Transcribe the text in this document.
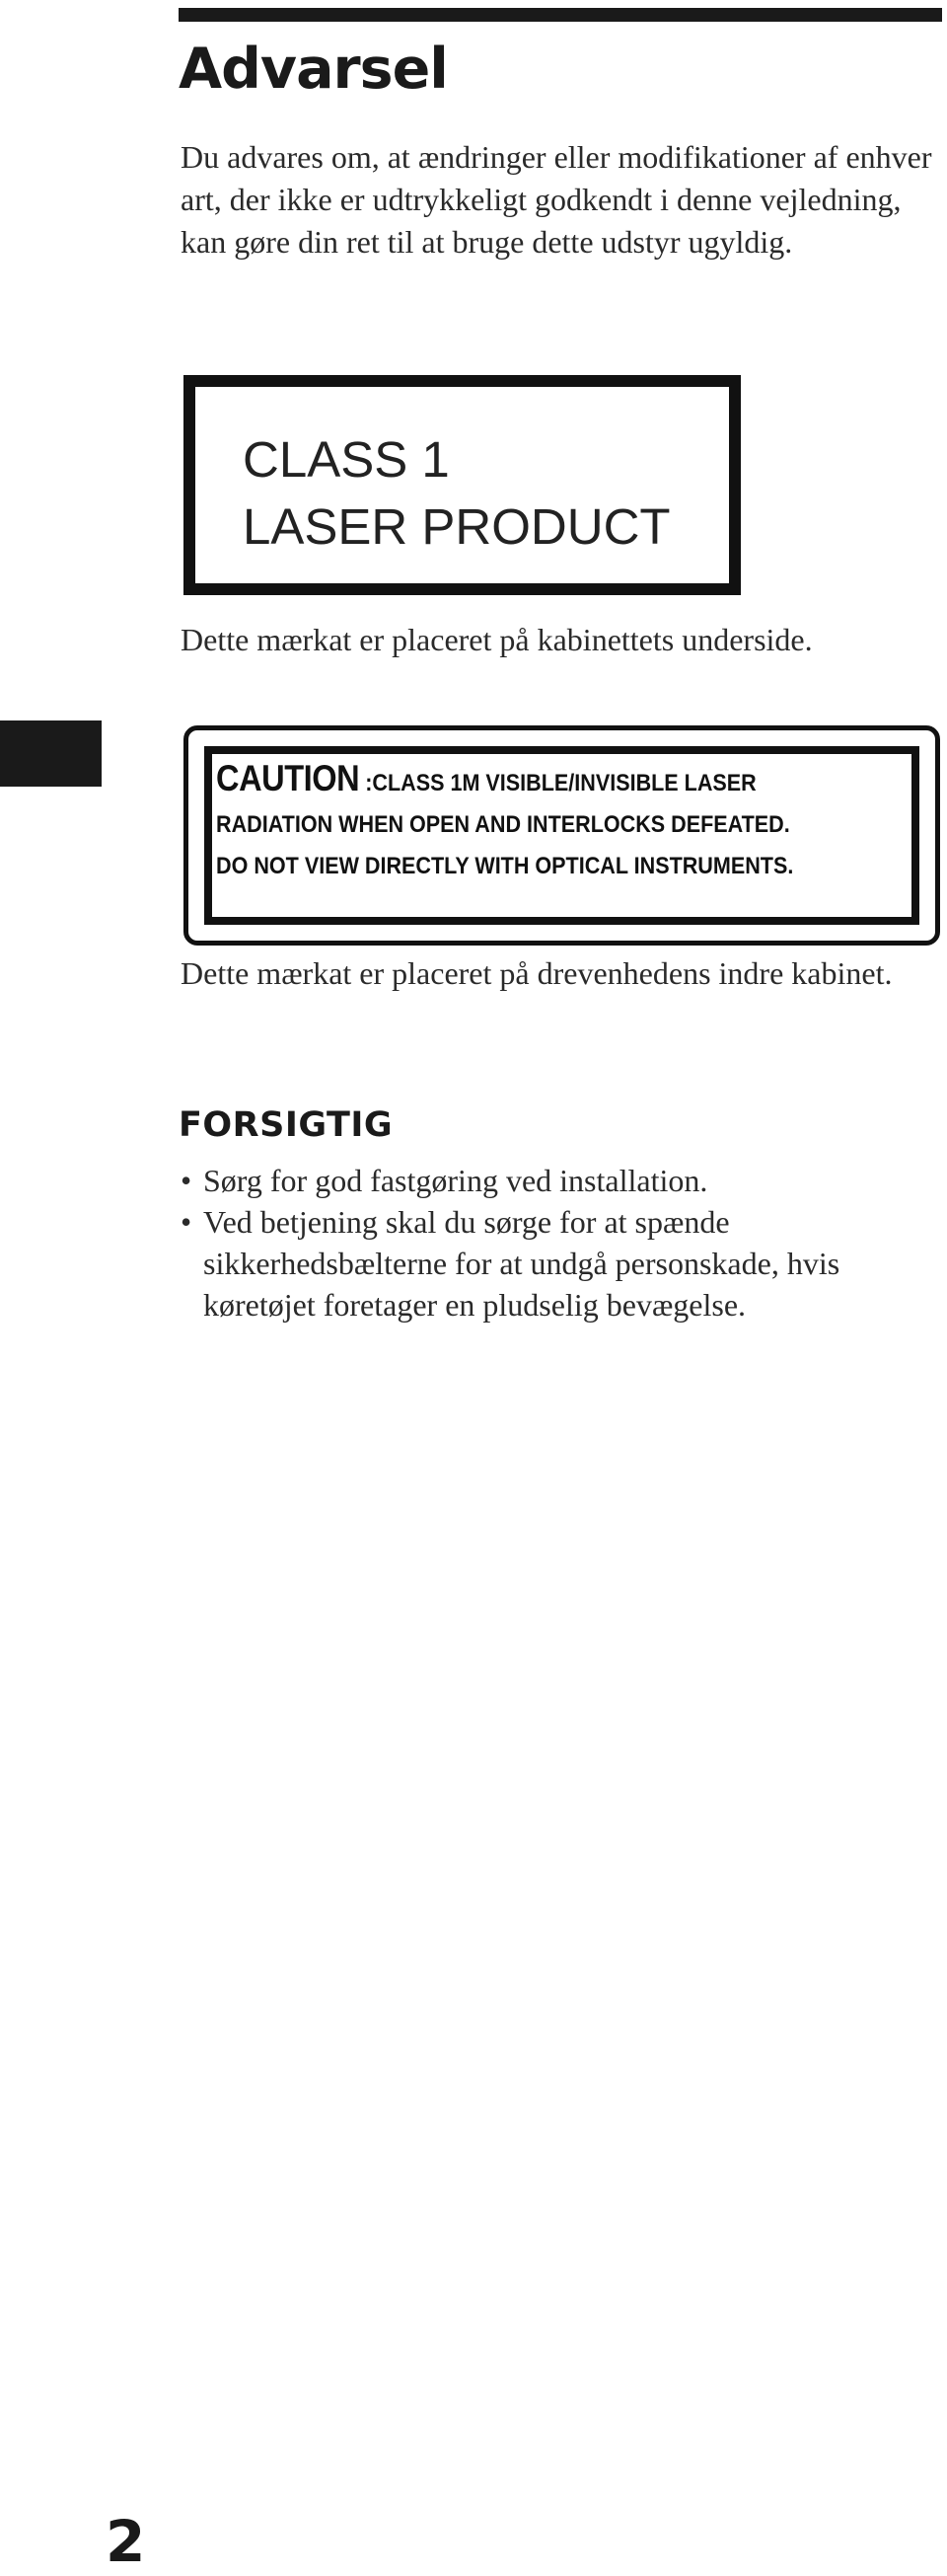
Advarsel

Du advares om, at ændringer eller modifikationer af enhver art, der ikke er udtrykkeligt godkendt i denne vejledning, kan gøre din ret til at bruge dette udstyr ugyldig.

CLASS 1
LASER PRODUCT

Dette mærkat er placeret på kabinettets underside.

CAUTION :CLASS 1M VISIBLE/INVISIBLE LASER
RADIATION WHEN OPEN AND INTERLOCKS DEFEATED.
DO NOT VIEW DIRECTLY WITH OPTICAL INSTRUMENTS.

Dette mærkat er placeret på drevenhedens indre kabinet.

FORSIGTIG
• Sørg for god fastgøring ved installation.
• Ved betjening skal du sørge for at spænde sikkerhedsbælterne for at undgå personskade, hvis køretøjet foretager en pludselig bevægelse.
2
